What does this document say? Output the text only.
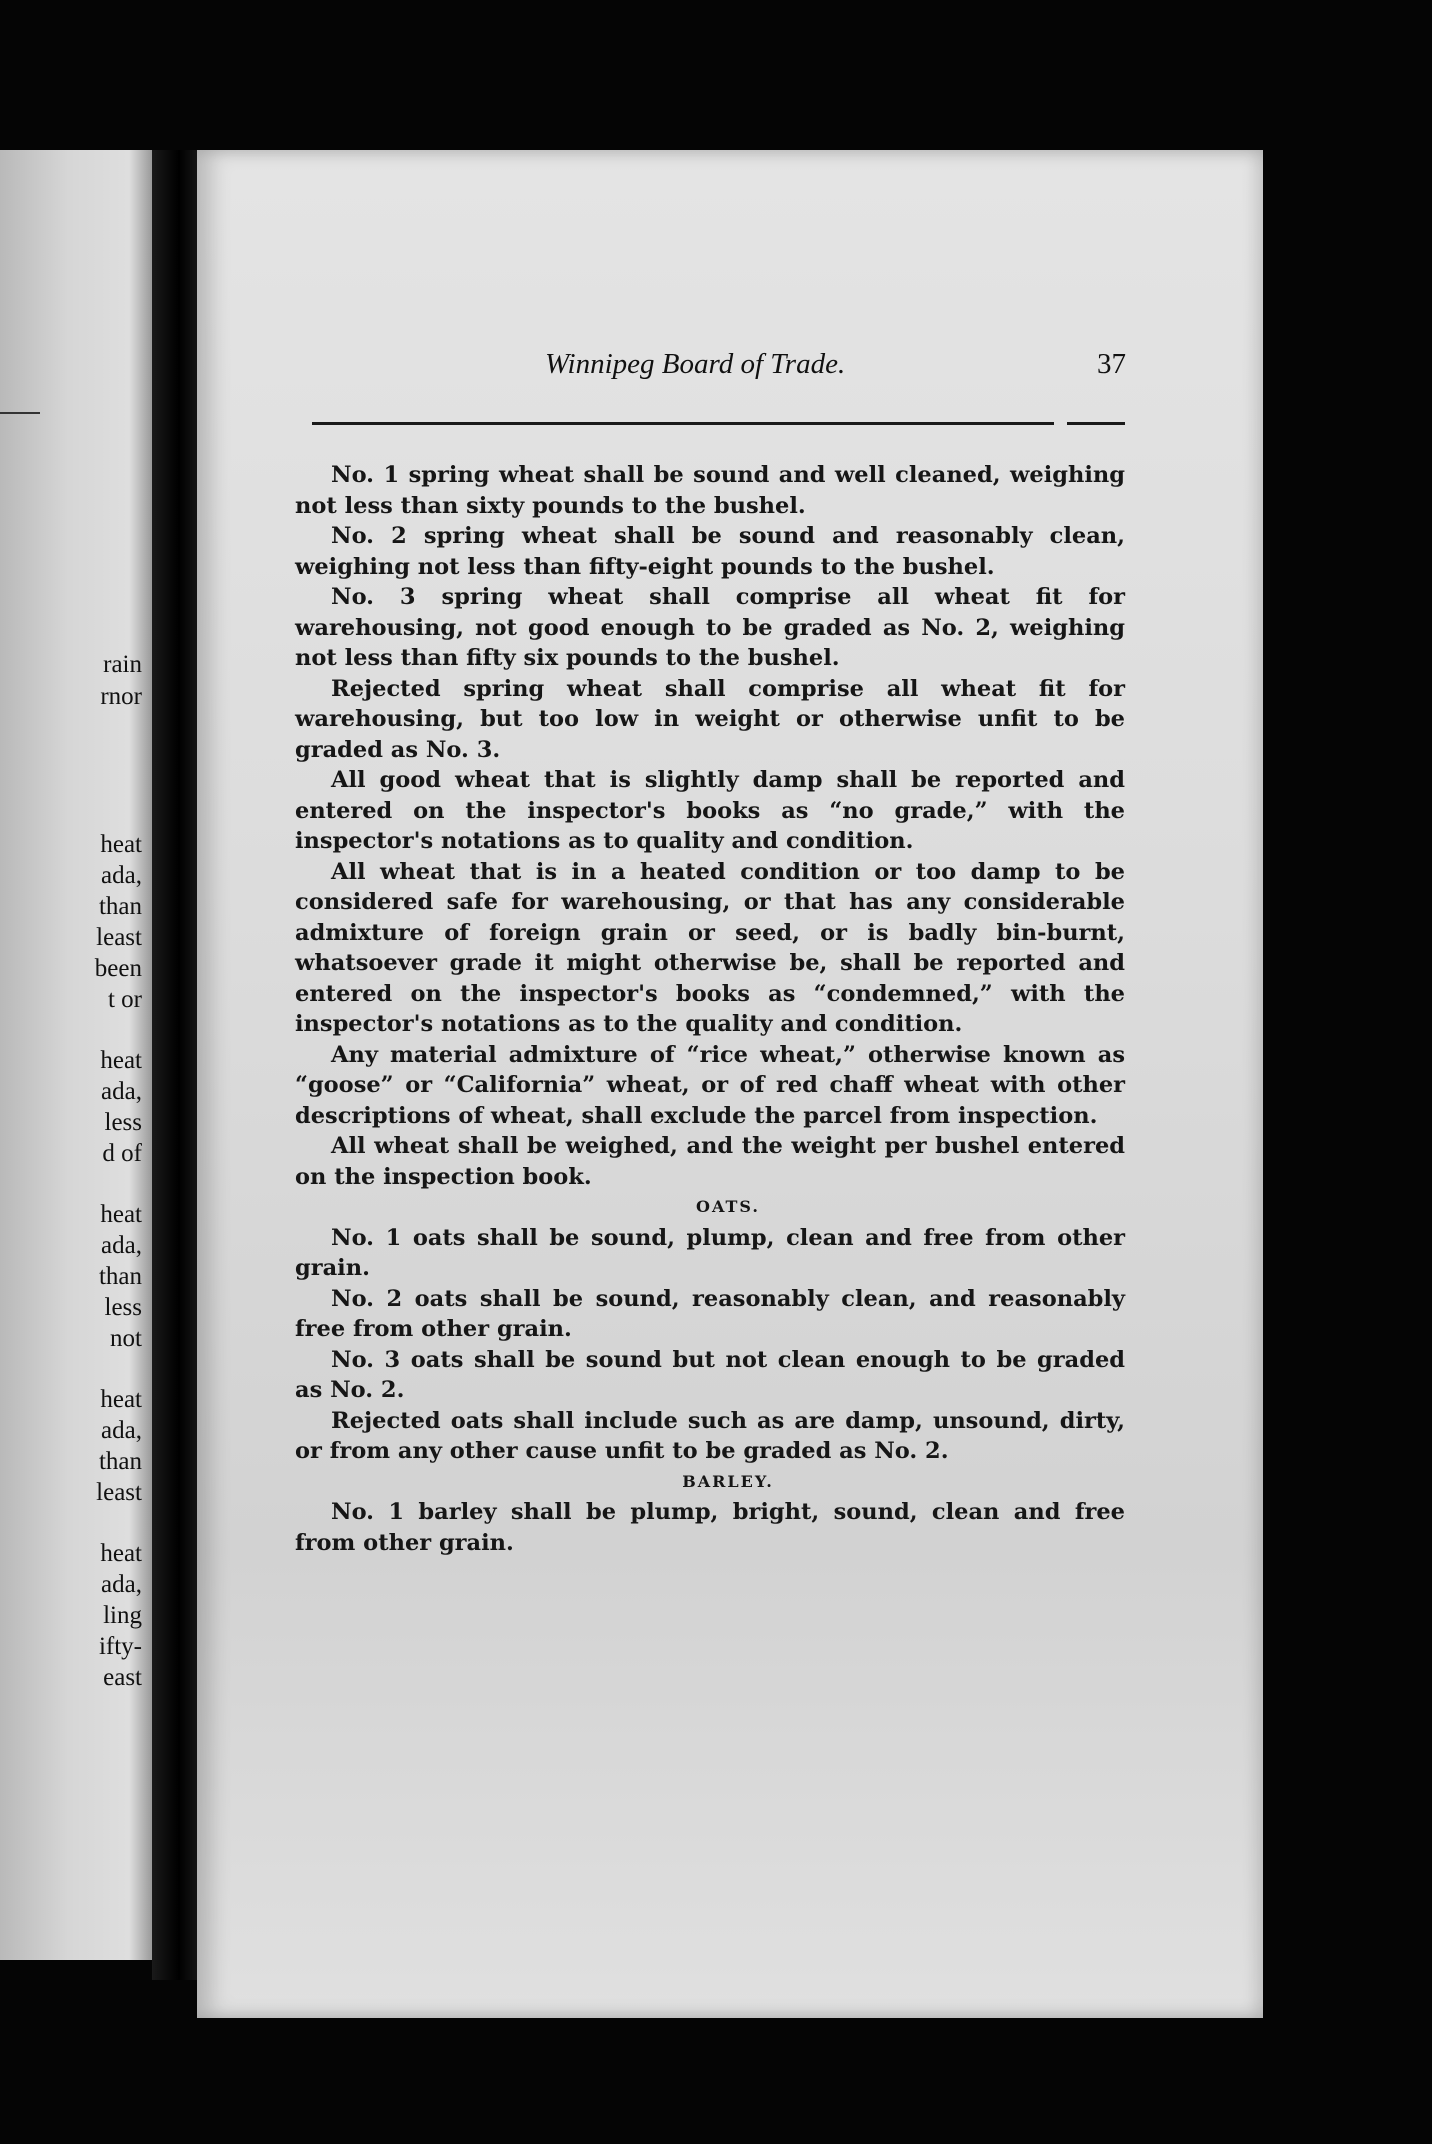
rain
rnor
heat
ada,
than
least
been
t or
heat
ada,
less
d of
heat
ada,
than
less
not
heat
ada,
than
least
heat
ada,
ling
ifty-
east
Winnipeg Board of Trade.	37

No. 1 spring wheat shall be sound and well cleaned, weighing not less than sixty pounds to the bushel.

No. 2 spring wheat shall be sound and reasonably clean, weighing not less than fifty-eight pounds to the bushel.

No. 3 spring wheat shall comprise all wheat fit for warehousing, not good enough to be graded as No. 2, weighing not less than fifty six pounds to the bushel.

Rejected spring wheat shall comprise all wheat fit for warehousing, but too low in weight or otherwise unfit to be graded as No. 3.

All good wheat that is slightly damp shall be reported and entered on the inspector's books as “no grade,” with the inspector's notations as to quality and condition.

All wheat that is in a heated condition or too damp to be considered safe for warehousing, or that has any considerable admixture of foreign grain or seed, or is badly bin-burnt, whatsoever grade it might otherwise be, shall be reported and entered on the inspector's books as “condemned,” with the inspector's notations as to the quality and condition.

Any material admixture of “rice wheat,” otherwise known as “goose” or “California” wheat, or of red chaff wheat with other descriptions of wheat, shall exclude the parcel from inspection.

All wheat shall be weighed, and the weight per bushel entered on the inspection book.

OATS.

No. 1 oats shall be sound, plump, clean and free from other grain.

No. 2 oats shall be sound, reasonably clean, and reasonably free from other grain.

No. 3 oats shall be sound but not clean enough to be graded as No. 2.

Rejected oats shall include such as are damp, unsound, dirty, or from any other cause unfit to be graded as No. 2.

BARLEY.

No. 1 barley shall be plump, bright, sound, clean and free from other grain.
